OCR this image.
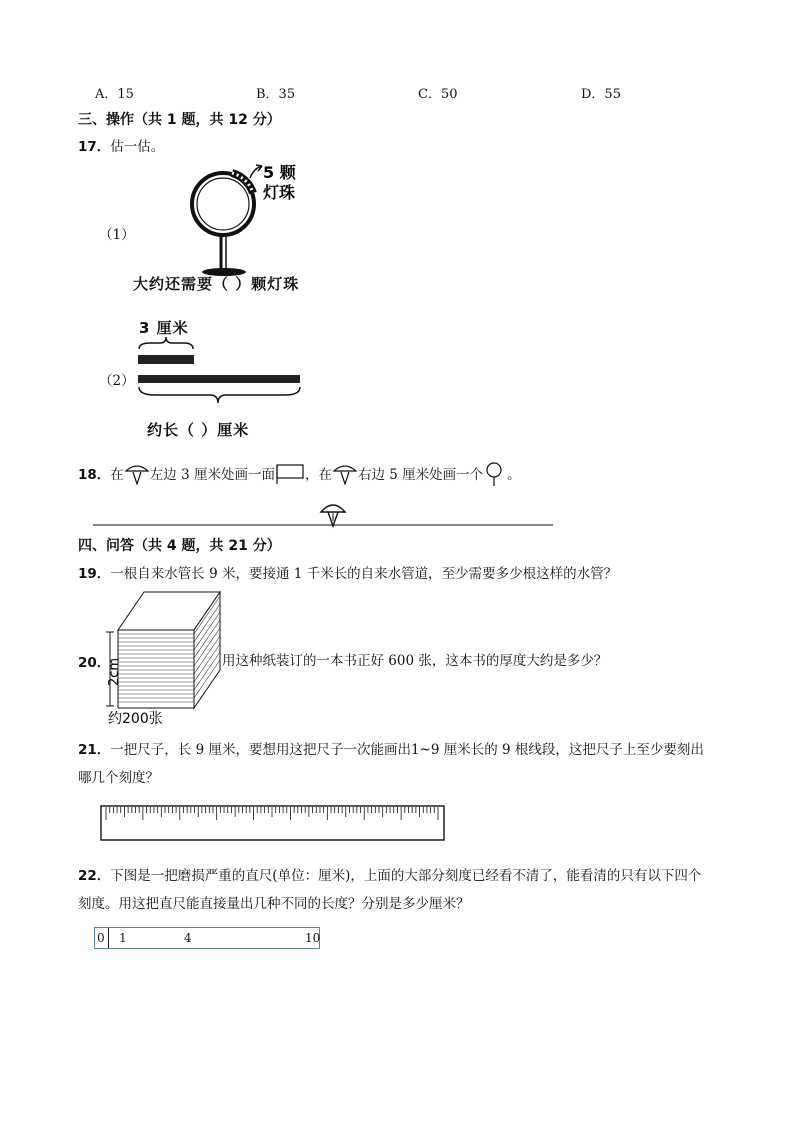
A．15	B．35	C．50	D．55
三、操作（共 1 题，共 12 分）
17．估一估。
（1）
5 颗
灯珠
大约还需要（ ）颗灯珠
3 厘米
（2）
约长（ ）厘米
18．在 左边 3 厘米处画一面 ，在 右边 5 厘米处画一个 。
四、问答（共 4 题，共 21 分）
19．一根自来水管长 9 米，要接通 1 千米长的自来水管道，至少需要多少根这样的水管？
2cm
约200张
20．	用这种纸装订的一本书正好 600 张，这本书的厚度大约是多少？
21．一把尺子，长 9 厘米，要想用这把尺子一次能画出1~9 厘米长的 9 根线段，这把尺子上至少要刻出
哪几个刻度？
22．下图是一把磨损严重的直尺(单位：厘米)，上面的大部分刻度已经看不清了，能看清的只有以下四个
刻度。用这把直尺能直接量出几种不同的长度？分别是多少厘米？
0 1	4	10
